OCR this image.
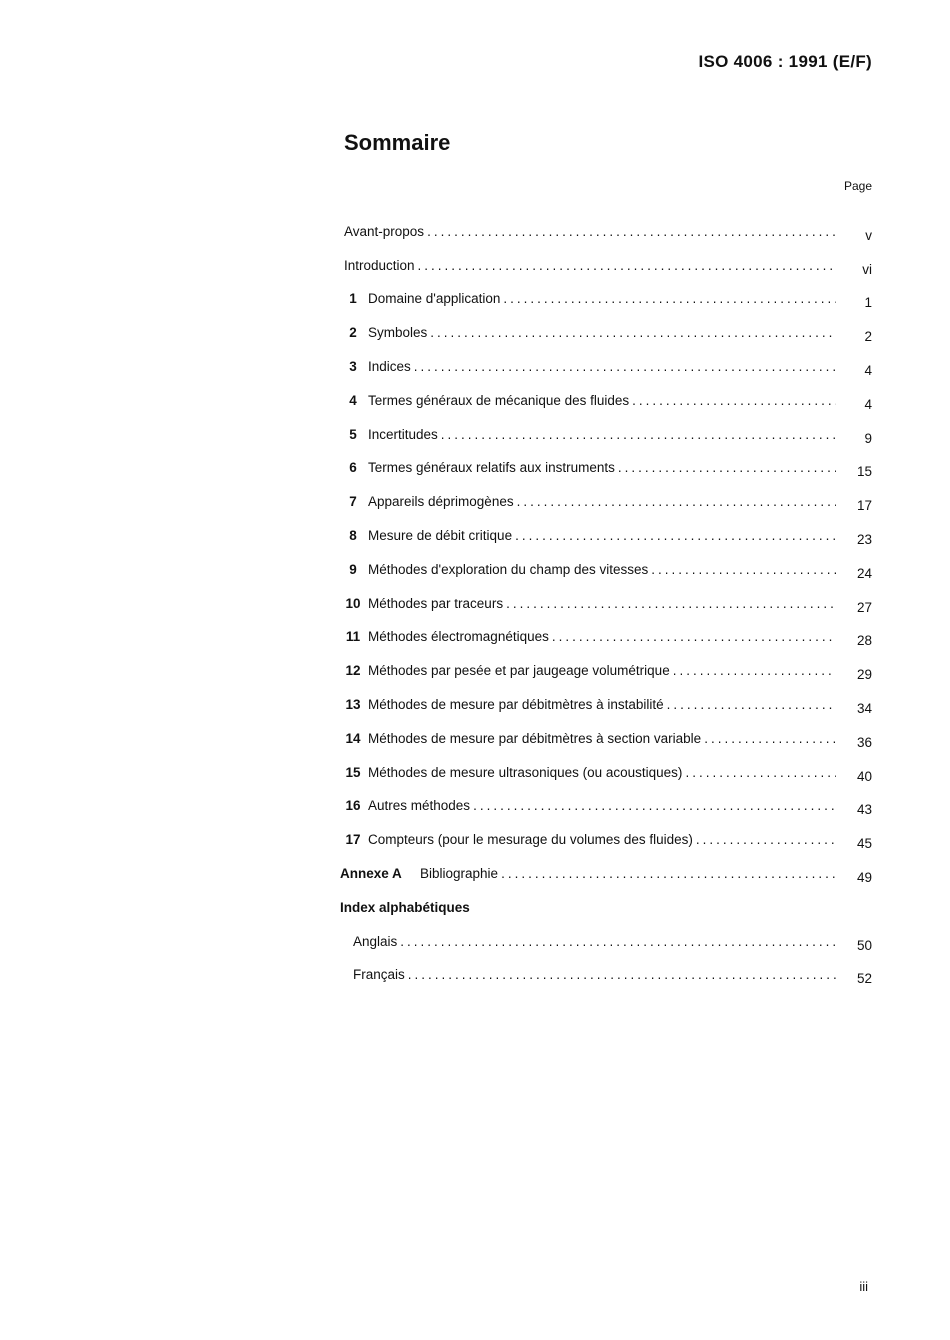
ISO 4006 : 1991 (E/F)
Sommaire
Page
Avant-propos .....	v
Introduction .....	vi
1 Domaine d'application .....	1
2 Symboles .....	2
3 Indices .....	4
4 Termes généraux de mécanique des fluides .....	4
5 Incertitudes .....	9
6 Termes généraux relatifs aux instruments .....	15
7 Appareils déprimogènes .....	17
8 Mesure de débit critique .....	23
9 Méthodes d'exploration du champ des vitesses .....	24
10 Méthodes par traceurs .....	27
11 Méthodes électromagnétiques .....	28
12 Méthodes par pesée et par jaugeage volumétrique .....	29
13 Méthodes de mesure par débitmètres à instabilité .....	34
14 Méthodes de mesure par débitmètres à section variable .....	36
15 Méthodes de mesure ultrasoniques (ou acoustiques) .....	40
16 Autres méthodes .....	43
17 Compteurs (pour le mesurage du volumes des fluides) .....	45
Annexe A	Bibliographie .....	49
Index alphabétiques
Anglais .....	50
Français .....	52
iii
